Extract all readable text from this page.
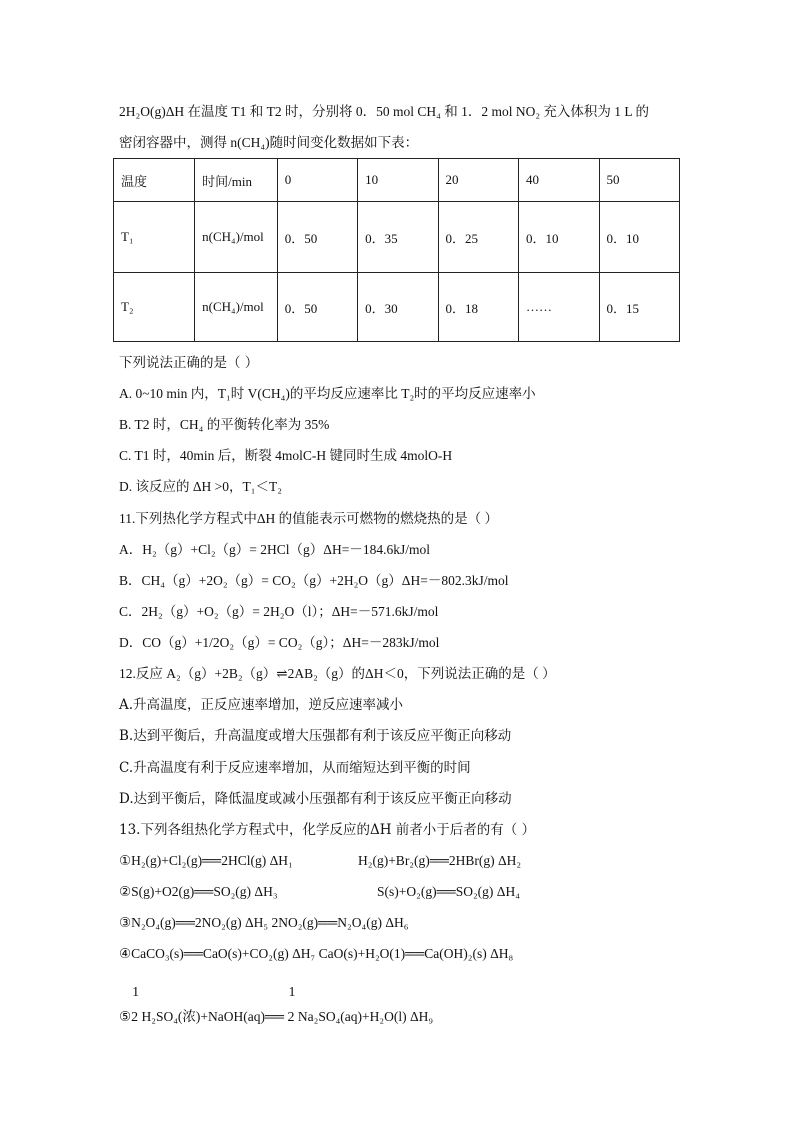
2H₂O(g)ΔH 在温度 T1 和 T2 时，分别将 0．50 mol CH₄ 和 1．2 mol NO₂ 充入体积为 1 L 的
密闭容器中，测得 n(CH₄)随时间变化数据如下表：
温度	时间/min	0	10	20	40	50
T₁	n(CH₄)/mol	0．50	0．35	0．25	0．10	0．10
T₂	n(CH₄)/mol	0．50	0．30	0．18	……	0．15
下列说法正确的是（ ）
A. 0~10 min 内，T₁时 V(CH₄)的平均反应速率比 T₂时的平均反应速率小
B. T2 时，CH₄ 的平衡转化率为 35%
C. T1 时，40min 后，断裂 4molC-H 键同时生成 4molO-H
D. 该反应的 ΔH >0，T₁＜T₂
11.下列热化学方程式中ΔH 的值能表示可燃物的燃烧热的是（ ）
A．H₂（g）+Cl₂（g）= 2HCl（g）ΔH=－184.6kJ/mol
B．CH₄（g）+2O₂（g）= CO₂（g）+2H₂O（g）ΔH=－802.3kJ/mol
C．2H₂（g）+O₂（g）= 2H₂O（l）；ΔH=－571.6kJ/mol
D．CO（g）+1/2O₂（g）= CO₂（g）；ΔH=－283kJ/mol
12.反应 A₂（g）+2B₂（g）⇌2AB₂（g）的ΔH＜0，下列说法正确的是（ ）
A.升高温度，正反应速率增加，逆反应速率减小
B.达到平衡后，升高温度或增大压强都有利于该反应平衡正向移动
C.升高温度有利于反应速率增加，从而缩短达到平衡的时间
D.达到平衡后，降低温度或减小压强都有利于该反应平衡正向移动
13.下列各组热化学方程式中，化学反应的ΔH 前者小于后者的有（ ）
①H₂(g)+Cl₂(g)══2HCl(g) ΔH₁	H₂(g)+Br₂(g)══2HBr(g) ΔH₂
②S(g)+O2(g)══SO₂(g) ΔH₃	S(s)+O₂(g)══SO₂(g) ΔH₄
③N₂O₄(g)══2NO₂(g) ΔH₅ 2NO₂(g)══N₂O₄(g) ΔH₆
④CaCO₃(s)══CaO(s)+CO₂(g) ΔH₇ CaO(s)+H₂O(1)══Ca(OH)₂(s) ΔH₈
⑤
1
2 H₂SO₄(浓)+NaOH(aq)══
1
2 Na₂SO₄(aq)+H₂O(l) ΔH₉
